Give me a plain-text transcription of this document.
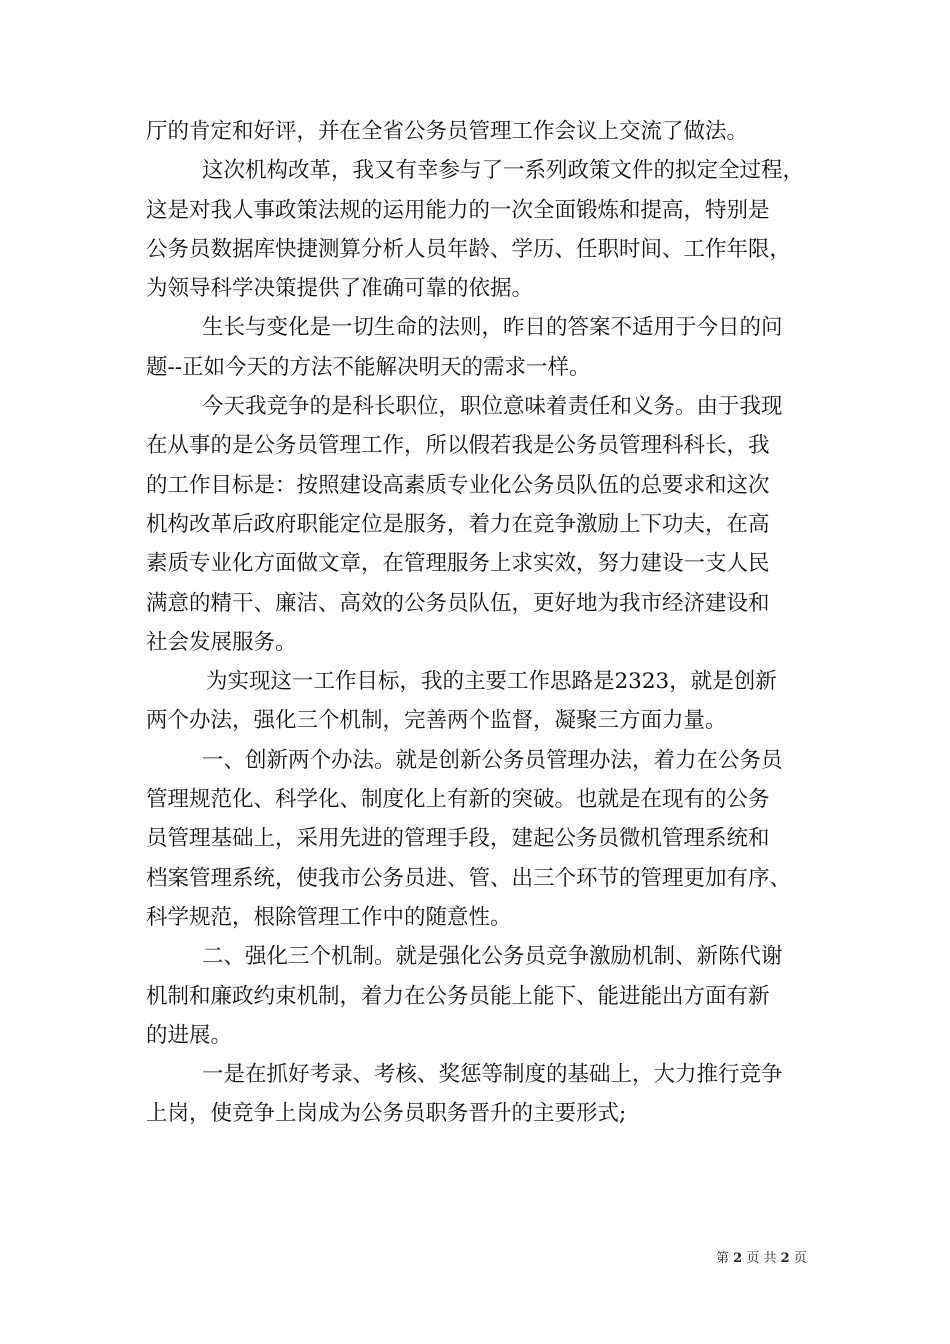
厅的肯定和好评，并在全省公务员管理工作会议上交流了做法。
这次机构改革，我又有幸参与了一系列政策文件的拟定全过程，
这是对我人事政策法规的运用能力的一次全面锻炼和提高，特别是
公务员数据库快捷测算分析人员年龄、学历、任职时间、工作年限，
为领导科学决策提供了准确可靠的依据。
生长与变化是一切生命的法则，昨日的答案不适用于今日的问
题--正如今天的方法不能解决明天的需求一样。
今天我竞争的是科长职位，职位意味着责任和义务。由于我现
在从事的是公务员管理工作，所以假若我是公务员管理科科长，我
的工作目标是：按照建设高素质专业化公务员队伍的总要求和这次
机构改革后政府职能定位是服务，着力在竞争激励上下功夫，在高
素质专业化方面做文章，在管理服务上求实效，努力建设一支人民
满意的精干、廉洁、高效的公务员队伍，更好地为我市经济建设和
社会发展服务。
为实现这一工作目标，我的主要工作思路是2323，就是创新
两个办法，强化三个机制，完善两个监督，凝聚三方面力量。
一、创新两个办法。就是创新公务员管理办法，着力在公务员
管理规范化、科学化、制度化上有新的突破。也就是在现有的公务
员管理基础上，采用先进的管理手段，建起公务员微机管理系统和
档案管理系统，使我市公务员进、管、出三个环节的管理更加有序、
科学规范，根除管理工作中的随意性。
二、强化三个机制。就是强化公务员竞争激励机制、新陈代谢
机制和廉政约束机制，着力在公务员能上能下、能进能出方面有新
的进展。
一是在抓好考录、考核、奖惩等制度的基础上，大力推行竞争
上岗，使竞争上岗成为公务员职务晋升的主要形式;
第 2 页 共 2 页
